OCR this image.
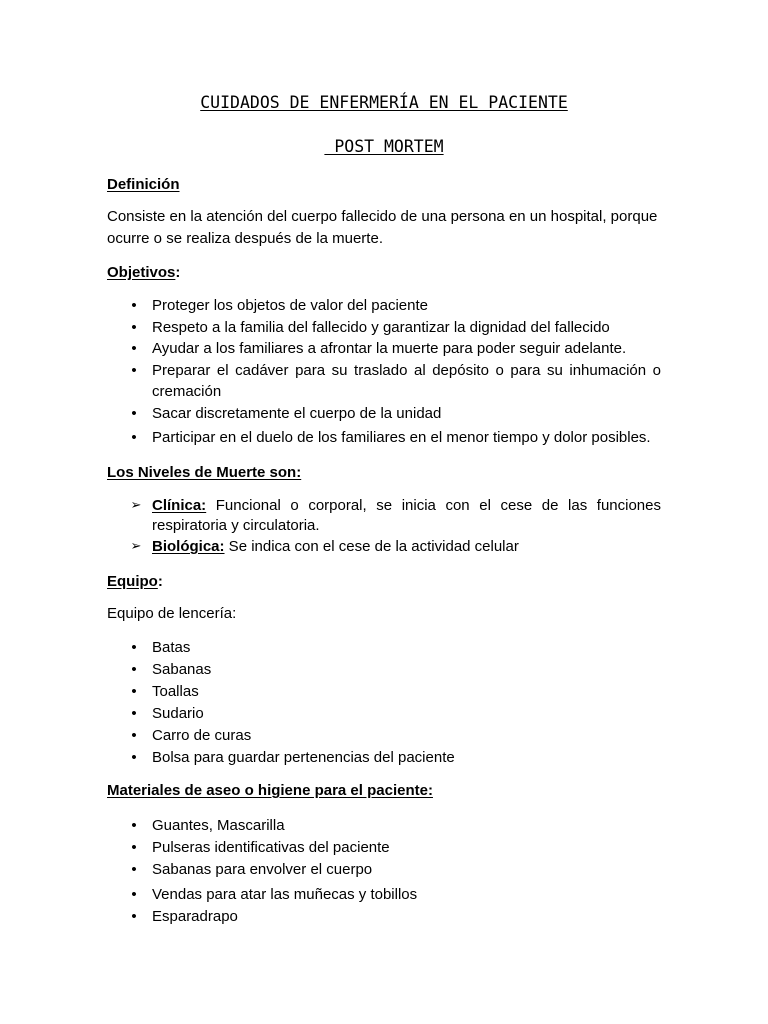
CUIDADOS DE ENFERMERÍA EN EL PACIENTE
POST MORTEM
Definición
Consiste en la atención del cuerpo fallecido de una persona en un hospital, porque ocurre o se realiza después de la muerte.
Objetivos:
• Proteger los objetos de valor del paciente
• Respeto a la familia del fallecido y garantizar la dignidad del fallecido
• Ayudar a los familiares a afrontar la muerte para poder seguir adelante.
• Preparar el cadáver para su traslado al depósito o para su inhumación o cremación
• Sacar discretamente el cuerpo de la unidad
• Participar en el duelo de los familiares en el menor tiempo y dolor posibles.
Los Niveles de Muerte son:
➢ Clínica: Funcional o corporal, se inicia con el cese de las funciones respiratoria y circulatoria.
➢ Biológica: Se indica con el cese de la actividad celular
Equipo:
Equipo de lencería:
• Batas
• Sabanas
• Toallas
• Sudario
• Carro de curas
• Bolsa para guardar pertenencias del paciente
Materiales de aseo o higiene para el paciente:
• Guantes, Mascarilla
• Pulseras identificativas del paciente
• Sabanas para envolver el cuerpo
• Vendas para atar las muñecas y tobillos
• Esparadrapo
